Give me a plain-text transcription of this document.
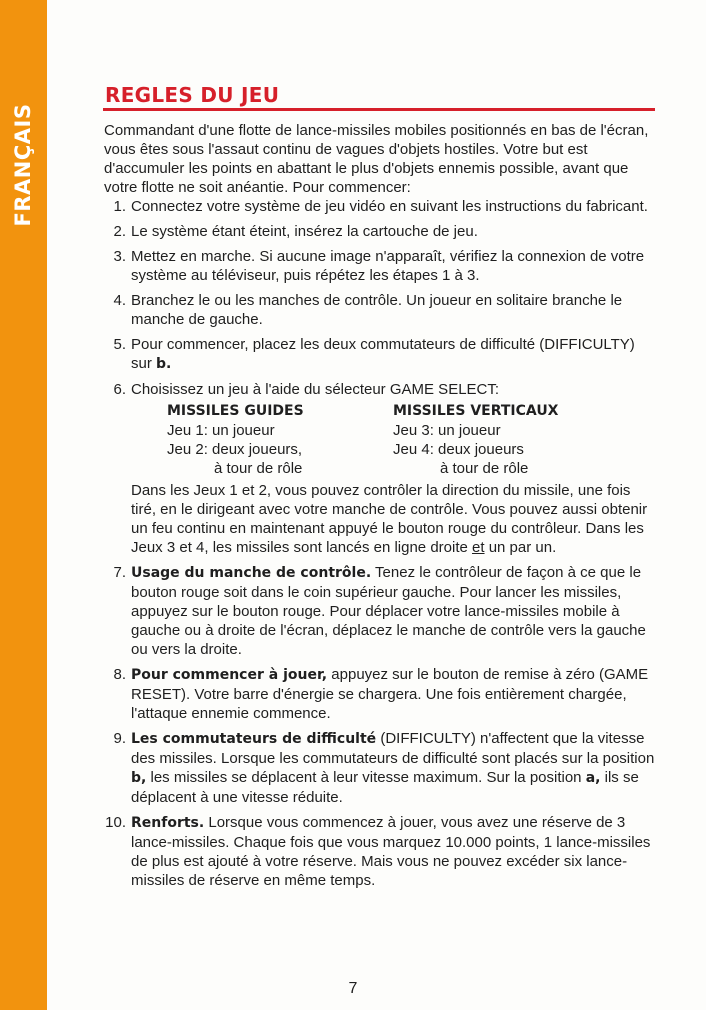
FRANÇAIS
REGLES DU JEU

Commandant d'une flotte de lance-missiles mobiles positionnés en bas de l'écran, vous êtes sous l'assaut continu de vagues d'objets hostiles. Votre but est d'accumuler les points en abattant le plus d'objets ennemis possible, avant que votre flotte ne soit anéantie. Pour commencer:

1. Connectez votre système de jeu vidéo en suivant les instructions du fabricant.
2. Le système étant éteint, insérez la cartouche de jeu.
3. Mettez en marche. Si aucune image n'apparaît, vérifiez la connexion de votre système au téléviseur, puis répétez les étapes 1 à 3.
4. Branchez le ou les manches de contrôle. Un joueur en solitaire branche le manche de gauche.
5. Pour commencer, placez les deux commutateurs de difficulté (DIFFICULTY) sur b.
6. Choisissez un jeu à l'aide du sélecteur GAME SELECT:
MISSILES GUIDES
Jeu 1: un joueur
Jeu 2: deux joueurs,
à tour de rôle
MISSILES VERTICAUX
Jeu 3: un joueur
Jeu 4: deux joueurs
à tour de rôle

Dans les Jeux 1 et 2, vous pouvez contrôler la direction du missile, une fois tiré, en le dirigeant avec votre manche de contrôle. Vous pouvez aussi obtenir un feu continu en maintenant appuyé le bouton rouge du contrôleur. Dans les Jeux 3 et 4, les missiles sont lancés en ligne droite et un par un.

7. Usage du manche de contrôle. Tenez le contrôleur de façon à ce que le bouton rouge soit dans le coin supérieur gauche. Pour lancer les missiles, appuyez sur le bouton rouge. Pour déplacer votre lance-missiles mobile à gauche ou à droite de l'écran, déplacez le manche de contrôle vers la gauche ou vers la droite.
8. Pour commencer à jouer, appuyez sur le bouton de remise à zéro (GAME RESET). Votre barre d'énergie se chargera. Une fois entièrement chargée, l'attaque ennemie commence.
9. Les commutateurs de difficulté (DIFFICULTY) n'affectent que la vitesse des missiles. Lorsque les commutateurs de difficulté sont placés sur la position b, les missiles se déplacent à leur vitesse maximum. Sur la position a, ils se déplacent à une vitesse réduite.
10. Renforts. Lorsque vous commencez à jouer, vous avez une réserve de 3 lance-missiles. Chaque fois que vous marquez 10.000 points, 1 lance-missiles de plus est ajouté à votre réserve. Mais vous ne pouvez excéder six lance-missiles de réserve en même temps.
7
